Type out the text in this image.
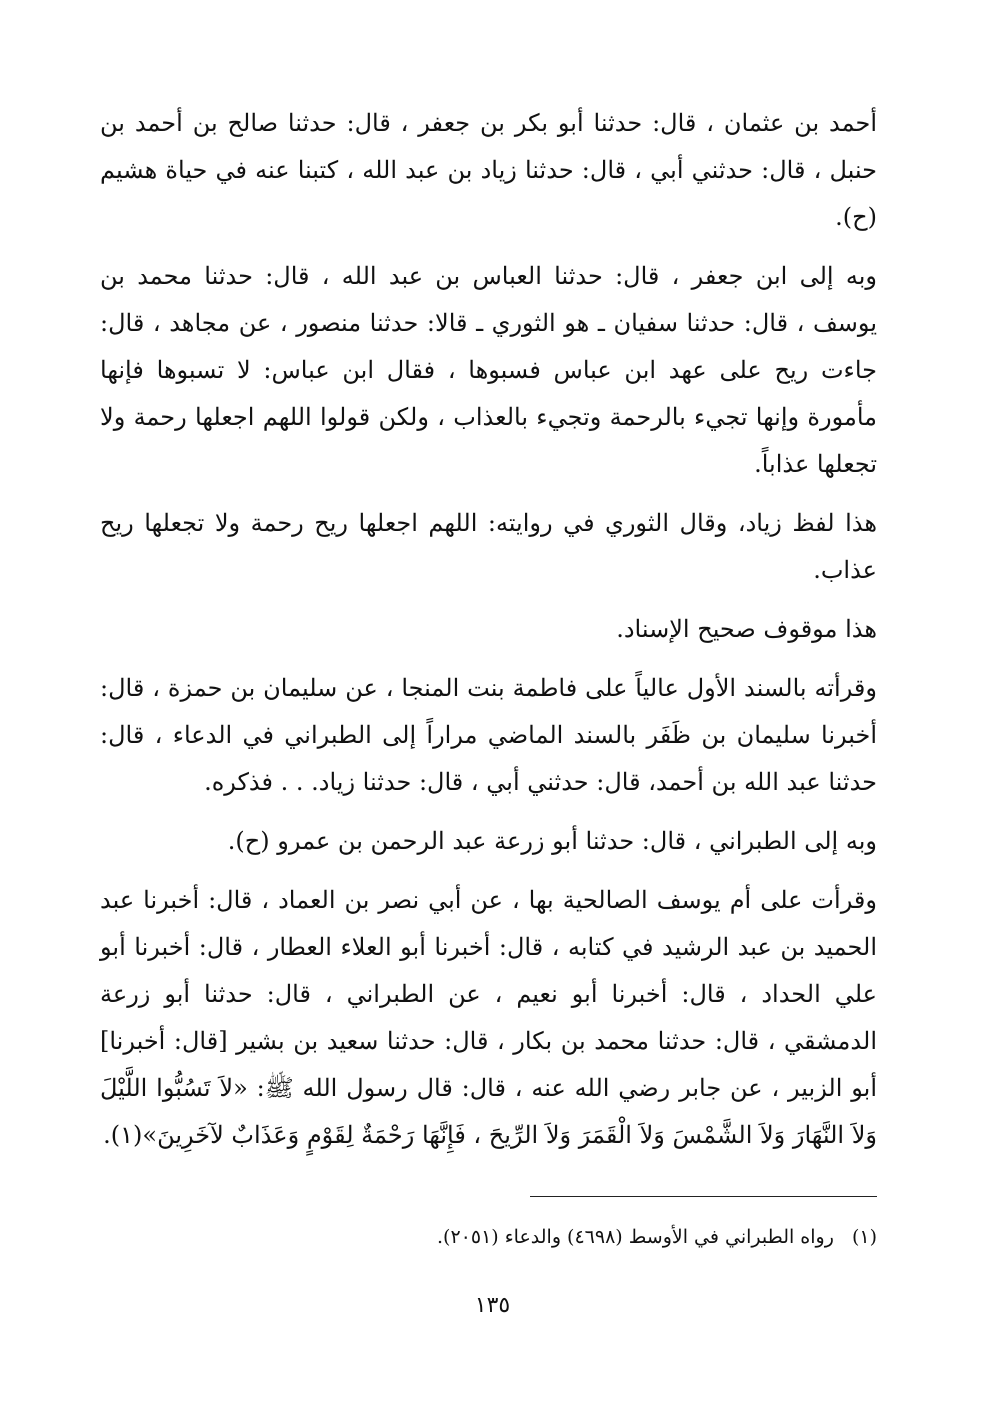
أحمد بن عثمان ، قال: حدثنا أبو بكر بن جعفر ، قال: حدثنا صالح بن أحمد بن حنبل ، قال: حدثني أبي ، قال: حدثنا زياد بن عبد الله ، كتبنا عنه في حياة هشيم (ح).

وبه إلى ابن جعفر ، قال: حدثنا العباس بن عبد الله ، قال: حدثنا محمد بن يوسف ، قال: حدثنا سفيان ـ هو الثوري ـ قالا: حدثنا منصور ، عن مجاهد ، قال: جاءت ريح على عهد ابن عباس فسبوها ، فقال ابن عباس: لا تسبوها فإنها مأمورة وإنها تجيء بالرحمة وتجيء بالعذاب ، ولكن قولوا اللهم اجعلها رحمة ولا تجعلها عذاباً.

هذا لفظ زياد، وقال الثوري في روايته: اللهم اجعلها ريح رحمة ولا تجعلها ريح عذاب.

هذا موقوف صحيح الإسناد.

وقرأته بالسند الأول عالياً على فاطمة بنت المنجا ، عن سليمان بن حمزة ، قال: أخبرنا سليمان بن ظَفَر بالسند الماضي مراراً إلى الطبراني في الدعاء ، قال: حدثنا عبد الله بن أحمد، قال: حدثني أبي ، قال: حدثنا زياد. . . فذكره.

وبه إلى الطبراني ، قال: حدثنا أبو زرعة عبد الرحمن بن عمرو (ح).

وقرأت على أم يوسف الصالحية بها ، عن أبي نصر بن العماد ، قال: أخبرنا عبد الحميد بن عبد الرشيد في كتابه ، قال: أخبرنا أبو العلاء العطار ، قال: أخبرنا أبو علي الحداد ، قال: أخبرنا أبو نعيم ، عن الطبراني ، قال: حدثنا أبو زرعة الدمشقي ، قال: حدثنا محمد بن بكار ، قال: حدثنا سعيد بن بشير [قال: أخبرنا] أبو الزبير ، عن جابر رضي الله عنه ، قال: قال رسول الله ﷺ: «لاَ تَسُبُّوا اللَّيْلَ وَلاَ النَّهَارَ وَلاَ الشَّمْسَ وَلاَ الْقَمَرَ وَلاَ الرِّيحَ ، فَإِنَّهَا رَحْمَةٌ لِقَوْمٍ وَعَذَابٌ لآخَرِينَ»(١).

(١) رواه الطبراني في الأوسط (٤٦٩٨) والدعاء (٢٠٥١).
١٣٥
